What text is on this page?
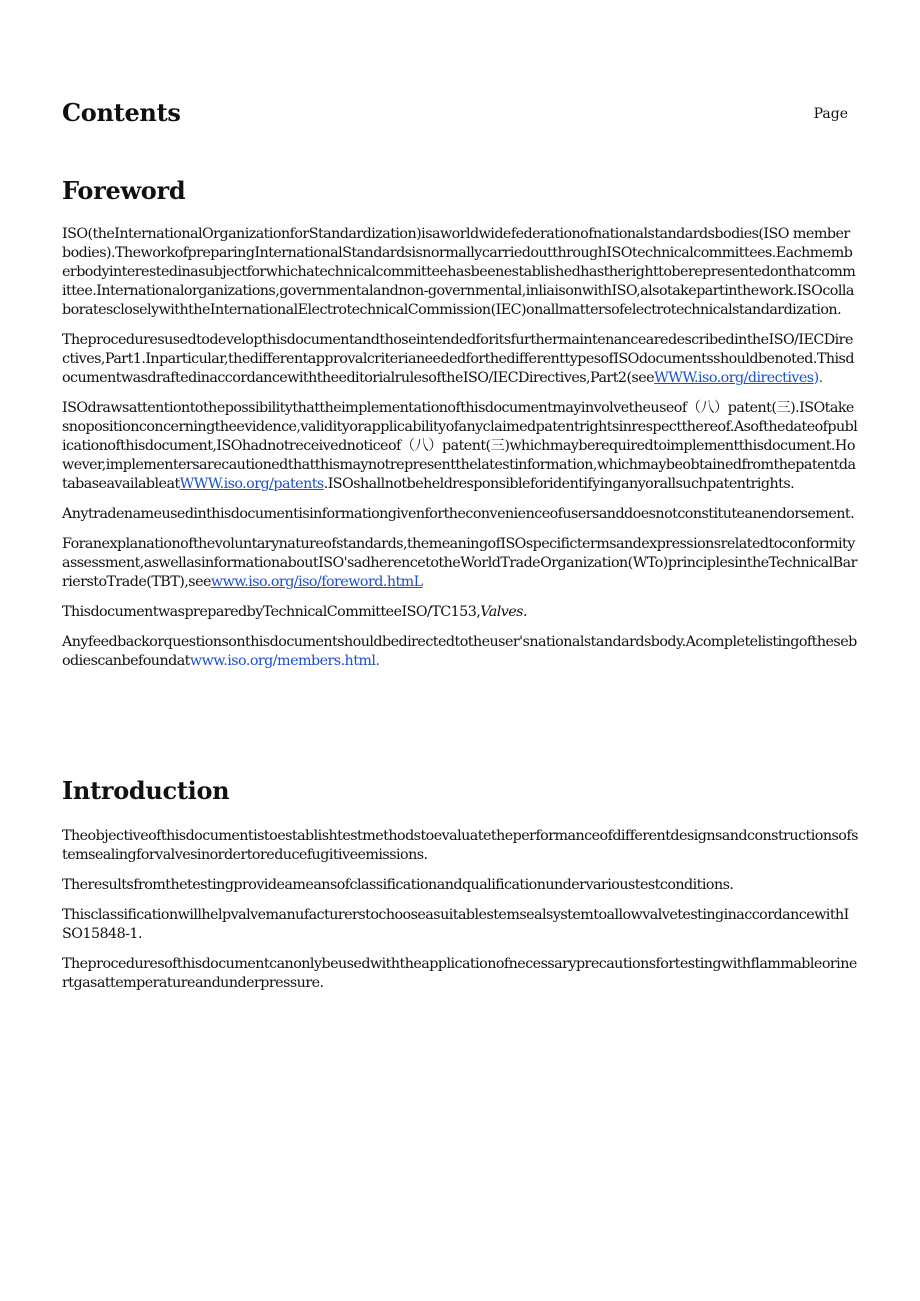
Contents	Page
Foreword

ISO(theInternationalOrganizationforStandardization)isaworldwidefederationofnationalstandardsbodies(ISO memberbodies).TheworkofpreparingInternationalStandardsisnormallycarriedoutthroughISOtechnicalcommittees.Eachmemberbodyinterestedinasubjectforwhichatechnicalcommitteehasbeenestablishedhastherighttoberepresentedonthatcommittee.Internationalorganizations,governmentalandnon-governmental,inliaisonwithISO,alsotakepartinthework.ISOcollaboratescloselywiththeInternationalElectrotechnicalCommission(IEC)onallmattersofelectrotechnicalstandardization.

TheproceduresusedtodevelopthisdocumentandthoseintendedforitsfurthermaintenancearedescribedintheISO/IECDirectives,Part1.Inparticular,thedifferentapprovalcriterianeededforthedifferenttypesofISOdocumentsshouldbenoted.ThisdocumentwasdraftedinaccordancewiththeeditorialrulesoftheISO/IECDirectives,Part2(seeWWW.iso.org/directives).

ISOdrawsattentiontothepossibilitythattheimplementationofthisdocumentmayinvolvetheuseof（八）patent(三).ISOtakesnopositionconcerningtheevidence,validityorapplicabilityofanyclaimedpatentrightsinrespectthereof.Asofthedateofpublicationofthisdocument,ISOhadnotreceivednoticeof（八）patent(三)whichmayberequiredtoimplementthisdocument.However,implementersarecautionedthatthismaynotrepresentthelatestinformation,whichmaybeobtainedfromthepatentdatabaseavailableatWWW.iso.org/patents.ISOshallnotbeheldresponsibleforidentifyinganyorallsuchpatentrights.

Anytradenameusedinthisdocumentisinformationgivenfortheconvenienceofusersanddoesnotconstituteanendorsement.

Foranexplanationofthevoluntarynatureofstandards,themeaningofISOspecifictermsandexpressionsrelatedtoconformityassessment,aswellasinformationaboutISO'sadherencetotheWorldTradeOrganization(WTo)principlesintheTechnicalBarrierstoTrade(TBT),seewww.iso.org/iso/foreword.htmL

ThisdocumentwaspreparedbyTechnicalCommitteeISO/TC153,Valves.

Anyfeedbackorquestionsonthisdocumentshouldbedirectedtotheuser'snationalstandardsbody.Acompletelistingofthesebodiescanbefoundatwww.iso.org/members.html.

Introduction

Theobjectiveofthisdocumentistoestablishtestmethodstoevaluatetheperformanceofdifferentdesignsandconstructionsofstemsealingforvalvesinordertoreducefugitiveemissions.

Theresultsfromthetestingprovideameansofclassificationandqualificationundervarioustestconditions.

ThisclassificationwillhelpvalvemanufacturerstochooseasuitablestemsealsystemtoallowvalvetestinginaccordancewithISO15848-1.

Theproceduresofthisdocumentcanonlybeusedwiththeapplicationofnecessaryprecautionsfortestingwithflammableorinertgasattemperatureandunderpressure.
